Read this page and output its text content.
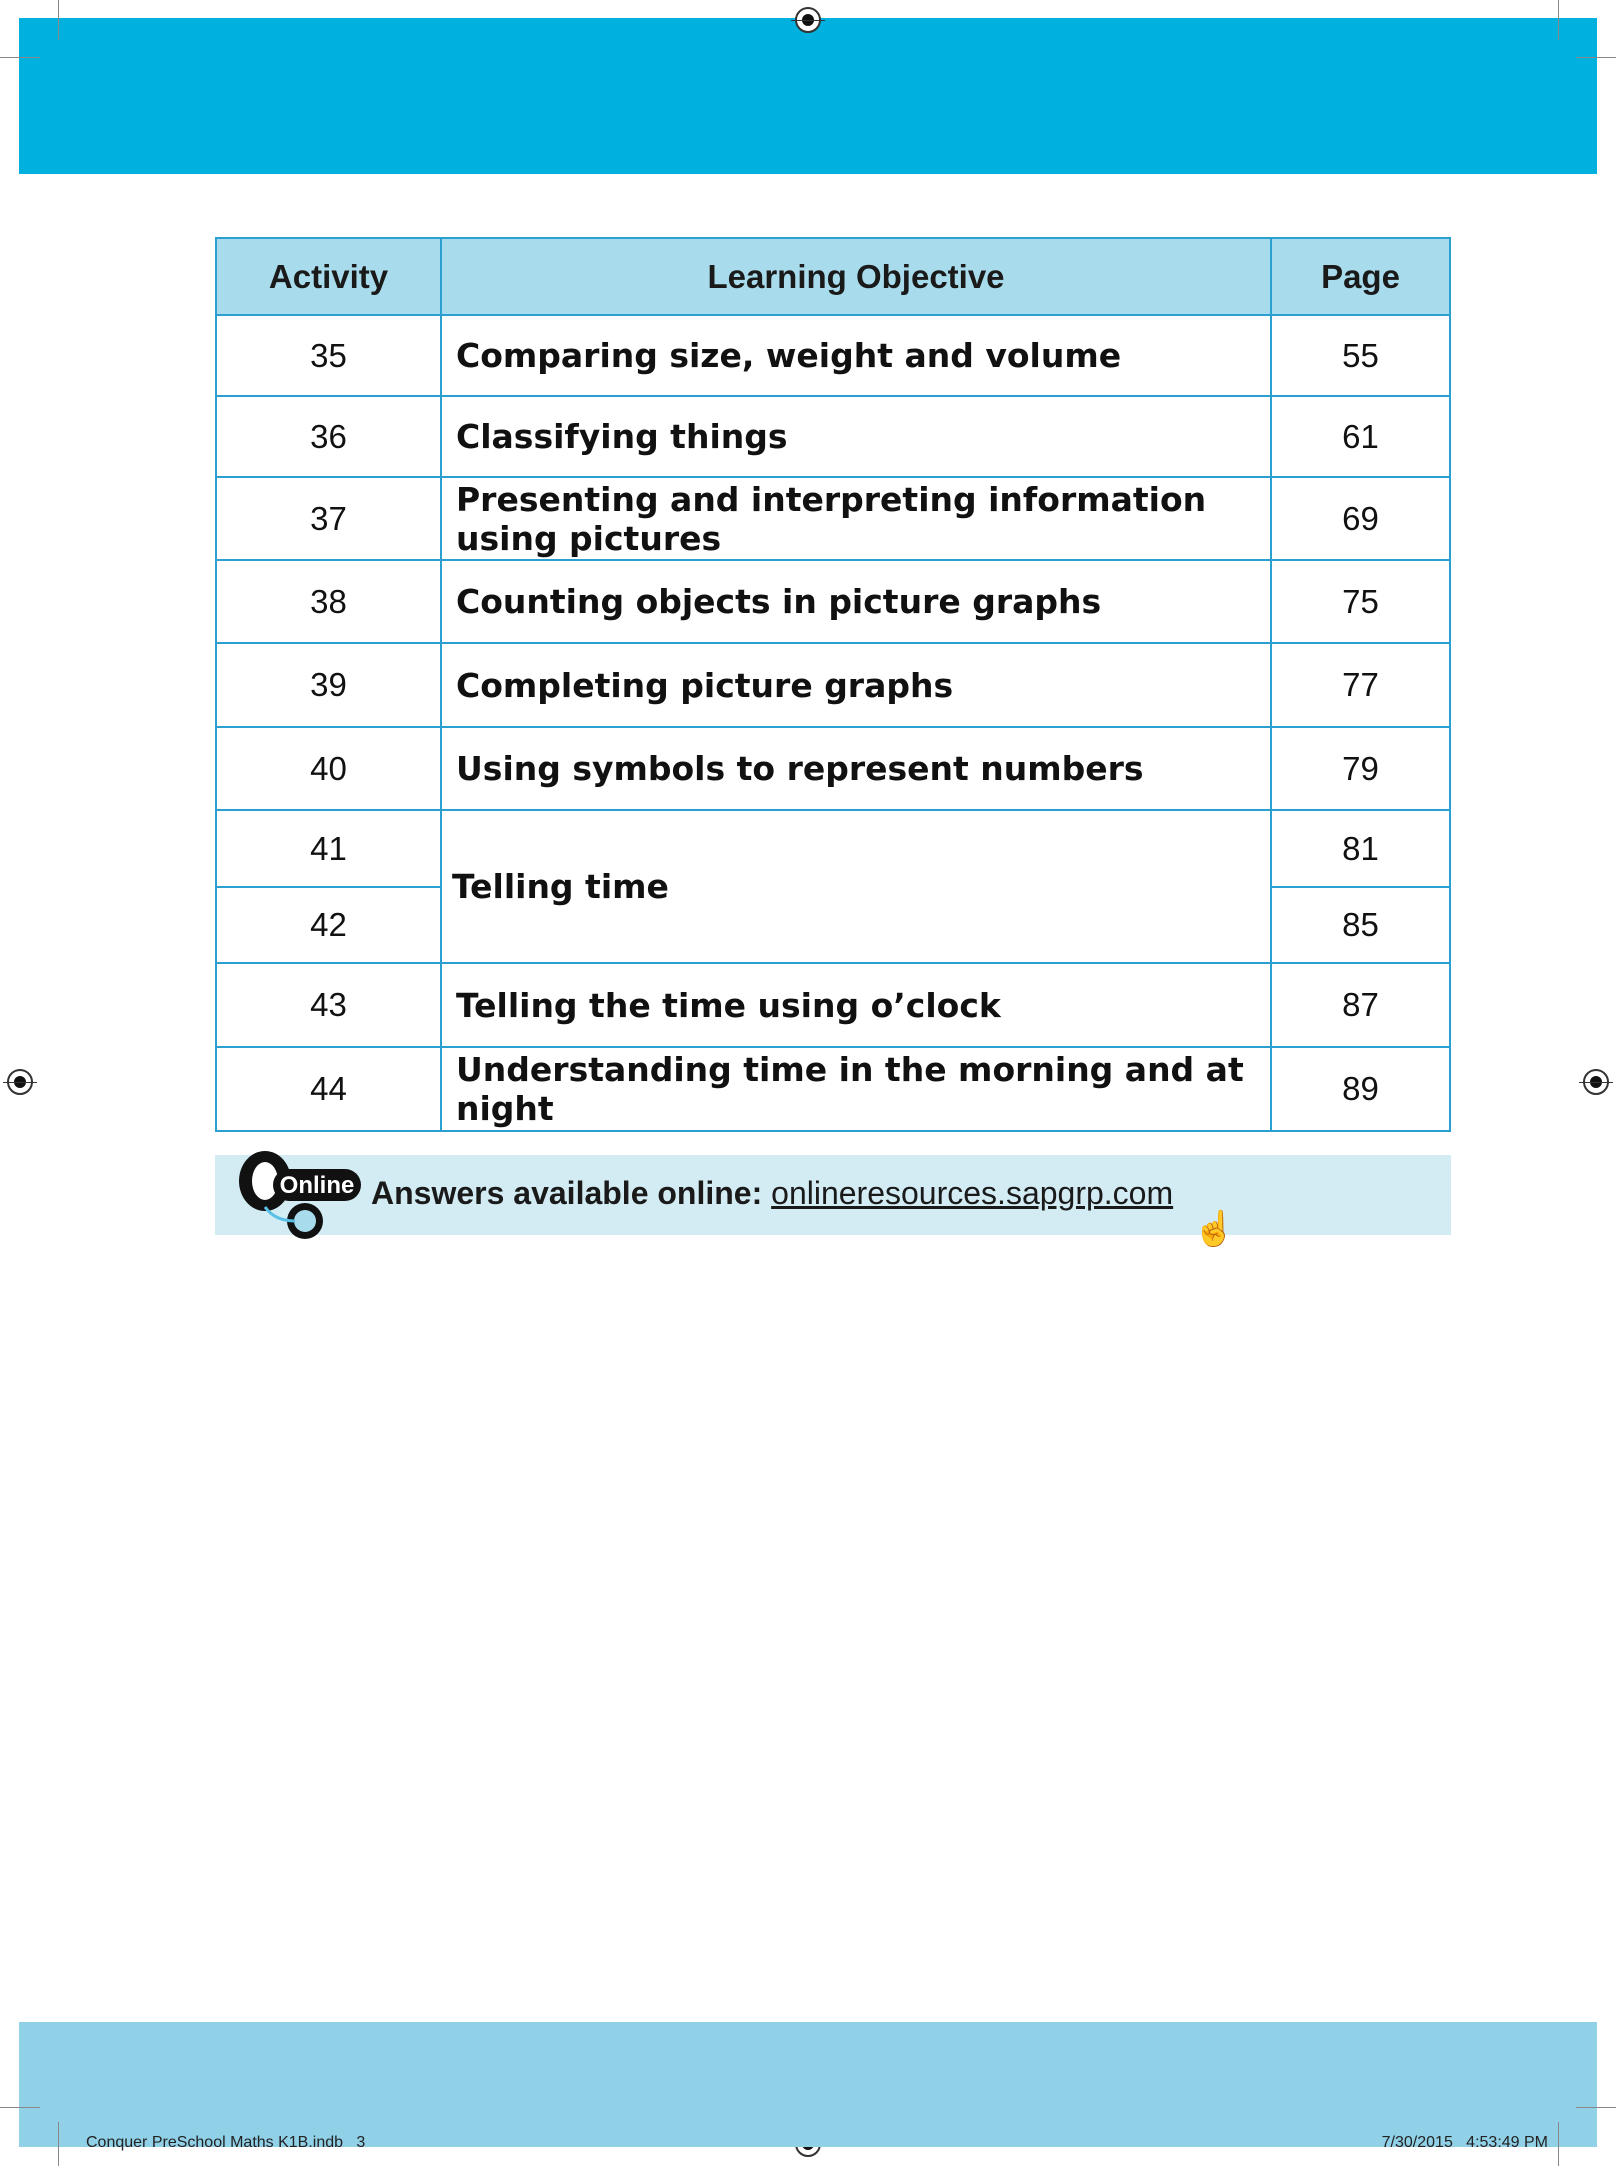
Activity	Learning Objective	Page
35	Comparing size, weight and volume	55
36	Classifying things	61
37	Presenting and interpreting information using pictures	69
38	Counting objects in picture graphs	75
39	Completing picture graphs	77
40	Using symbols to represent numbers	79
41	Telling time	81
42		85
43	Telling the time using o’clock	87
44	Understanding time in the morning and at night	89
Online Answers available online: onlineresources.sapgrp.com
☝
Conquer PreSchool Maths K1B.indb   3	7/30/2015   4:53:49 PM
